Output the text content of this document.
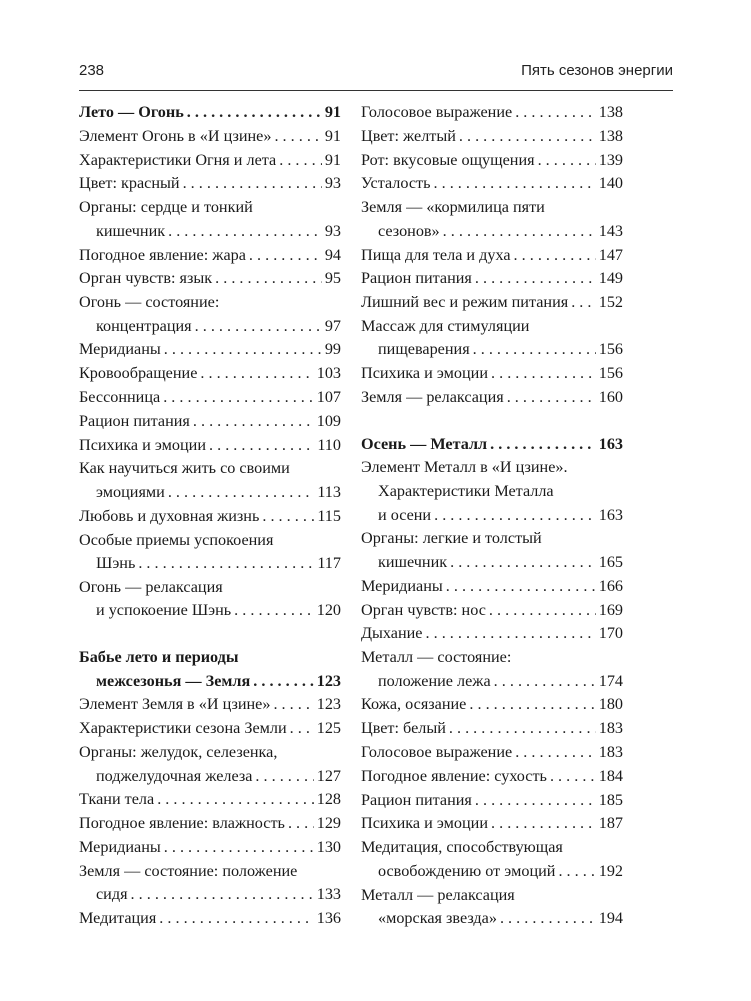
238	Пять сезонов энергии
Лето — Огонь . . .	91
Элемент Огонь в «И цзине» . . .	91
Характеристики Огня и лета . . .	91
Цвет: красный . . .	93
Органы: сердце и тонкий
кишечник . . .	93
Погодное явление: жара . . .	94
Орган чувств: язык . . .	95
Огонь — состояние:
концентрация . . .	97
Меридианы . . .	99
Кровообращение . . .	103
Бессонница . . .	107
Рацион питания . . .	109
Психика и эмоции . . .	110
Как научиться жить со своими
эмоциями . . .	113
Любовь и духовная жизнь . . .	115
Особые приемы успокоения
Шэнь . . .	117
Огонь — релаксация
и успокоение Шэнь . . .	120
Бабье лето и периоды
межсезонья — Земля . . .	123
Элемент Земля в «И цзине» . . .	123
Характеристики сезона Земли . . . 125
Органы: желудок, селезенка,
поджелудочная железа . . .	127
Ткани тела . . .	128
Погодное явление: влажность . . . 129
Меридианы . . .	130
Земля — состояние: положение
сидя . . .	133
Медитация . . .	136
Голосовое выражение . . .	138
Цвет: желтый . . .	138
Рот: вкусовые ощущения . . .	139
Усталость . . .	140
Земля — «кормилица пяти
сезонов» . . .	143
Пища для тела и духа . . .	147
Рацион питания . . .	149
Лишний вес и режим питания . . . 152
Массаж для стимуляции
пищеварения . . .	156
Психика и эмоции . . .	156
Земля — релаксация . . .	160
Осень — Металл . . .	163
Элемент Металл в «И цзине».
Характеристики Металла
и осени . . .	163
Органы: легкие и толстый
кишечник . . .	165
Меридианы . . .	166
Орган чувств: нос . . .	169
Дыхание . . .	170
Металл — состояние:
положение лежа . . .	174
Кожа, осязание . . .	180
Цвет: белый . . .	183
Голосовое выражение . . .	183
Погодное явление: сухость . . .	184
Рацион питания . . .	185
Психика и эмоции . . .	187
Медитация, способствующая
освобождению от эмоций . . .	192
Металл — релаксация
«морская звезда» . . .	194
